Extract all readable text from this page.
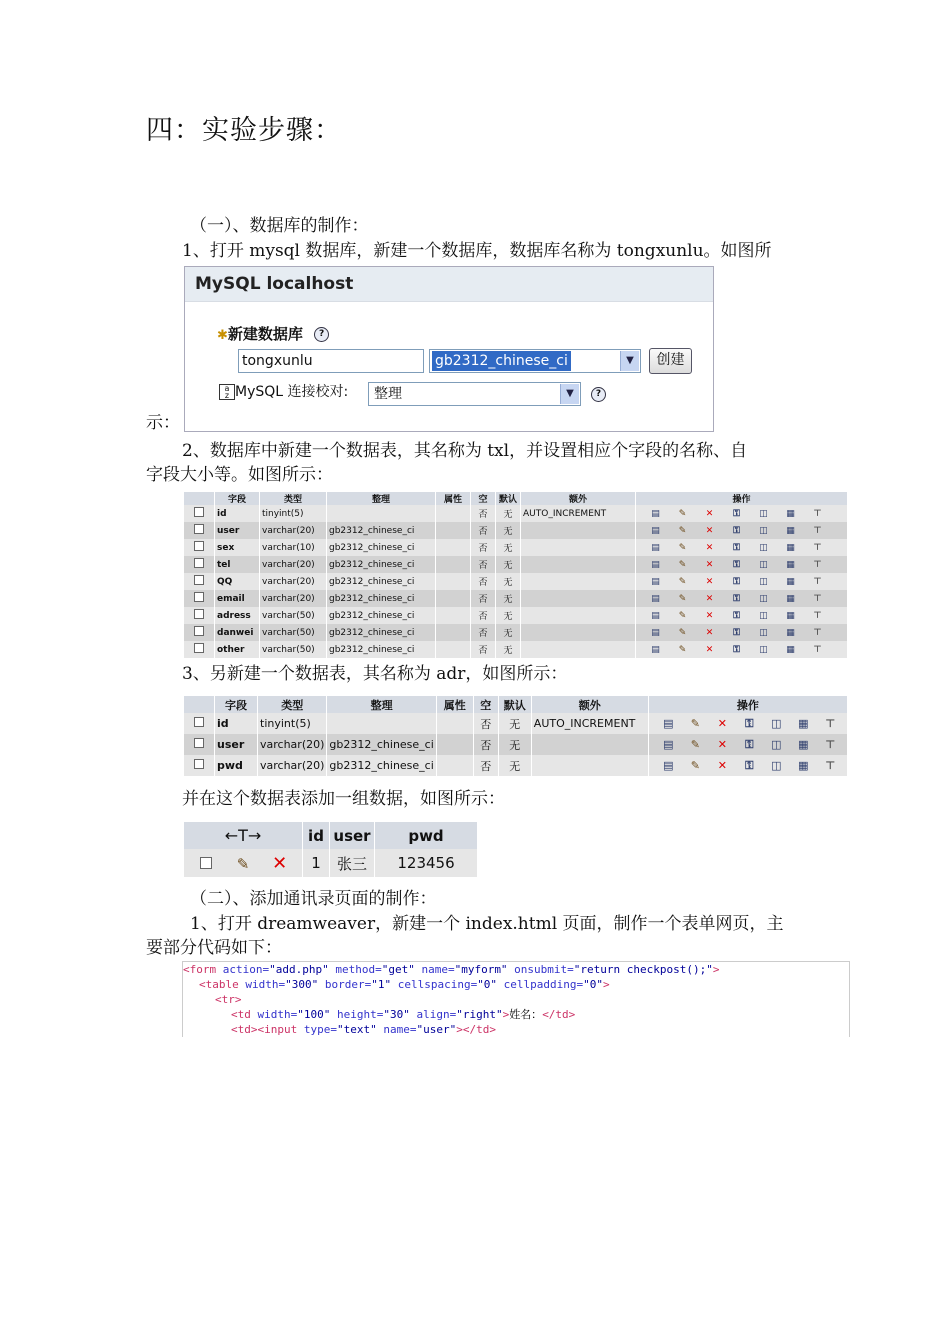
四：实验步骤：
（一）、数据库的制作：
1、打开 mysql 数据库，新建一个数据库，数据库名称为 tongxunlu。如图所
MySQL localhost
✱新建数据库 ?
tongxunlu	gb2312_chinese_ci	▼	创建
a
z MySQL 连接校对: 整理	▼	?
示：
2、数据库中新建一个数据表，其名称为 txl，并设置相应个字段的名称、自
字段大小等。如图所示：
	字段	类型	整理	属性	空	默认	额外	操作
	id	tinyint(5)			否	无	AUTO_INCREMENT	▤ ✎ ✕ ⚿ ◫ ▦ ⊤
	user	varchar(20)	gb2312_chinese_ci		否	无		▤ ✎ ✕ ⚿ ◫ ▦ ⊤
	sex	varchar(10)	gb2312_chinese_ci		否	无		▤ ✎ ✕ ⚿ ◫ ▦ ⊤
	tel	varchar(20)	gb2312_chinese_ci		否	无		▤ ✎ ✕ ⚿ ◫ ▦ ⊤
	QQ	varchar(20)	gb2312_chinese_ci		否	无		▤ ✎ ✕ ⚿ ◫ ▦ ⊤
	email	varchar(20)	gb2312_chinese_ci		否	无		▤ ✎ ✕ ⚿ ◫ ▦ ⊤
	adress	varchar(50)	gb2312_chinese_ci		否	无		▤ ✎ ✕ ⚿ ◫ ▦ ⊤
	danwei	varchar(50)	gb2312_chinese_ci		否	无		▤ ✎ ✕ ⚿ ◫ ▦ ⊤
	other	varchar(50)	gb2312_chinese_ci		否	无		▤ ✎ ✕ ⚿ ◫ ▦ ⊤
3、另新建一个数据表，其名称为 adr，如图所示：
	字段	类型	整理	属性	空	默认	额外	操作
	id	tinyint(5)			否	无	AUTO_INCREMENT	▤ ✎ ✕ ⚿ ◫ ▦ ⊤
	user	varchar(20)	gb2312_chinese_ci		否	无		▤ ✎ ✕ ⚿ ◫ ▦ ⊤
	pwd	varchar(20)	gb2312_chinese_ci		否	无		▤ ✎ ✕ ⚿ ◫ ▦ ⊤
并在这个数据表添加一组数据，如图所示：
←T→	id	user	pwd
✎ ✕	1	张三	123456
（二）、添加通讯录页面的制作：
1、打开 dreamweaver，新建一个 index.html 页面，制作一个表单网页，主
要部分代码如下：
<form action="add.php" method="get" name="myform" onsubmit="return checkpost();">
<table width="300" border="1" cellspacing="0" cellpadding="0">
<tr>
<td width="100" height="30" align="right">姓名：</td>
<td><input type="text" name="user"></td>
